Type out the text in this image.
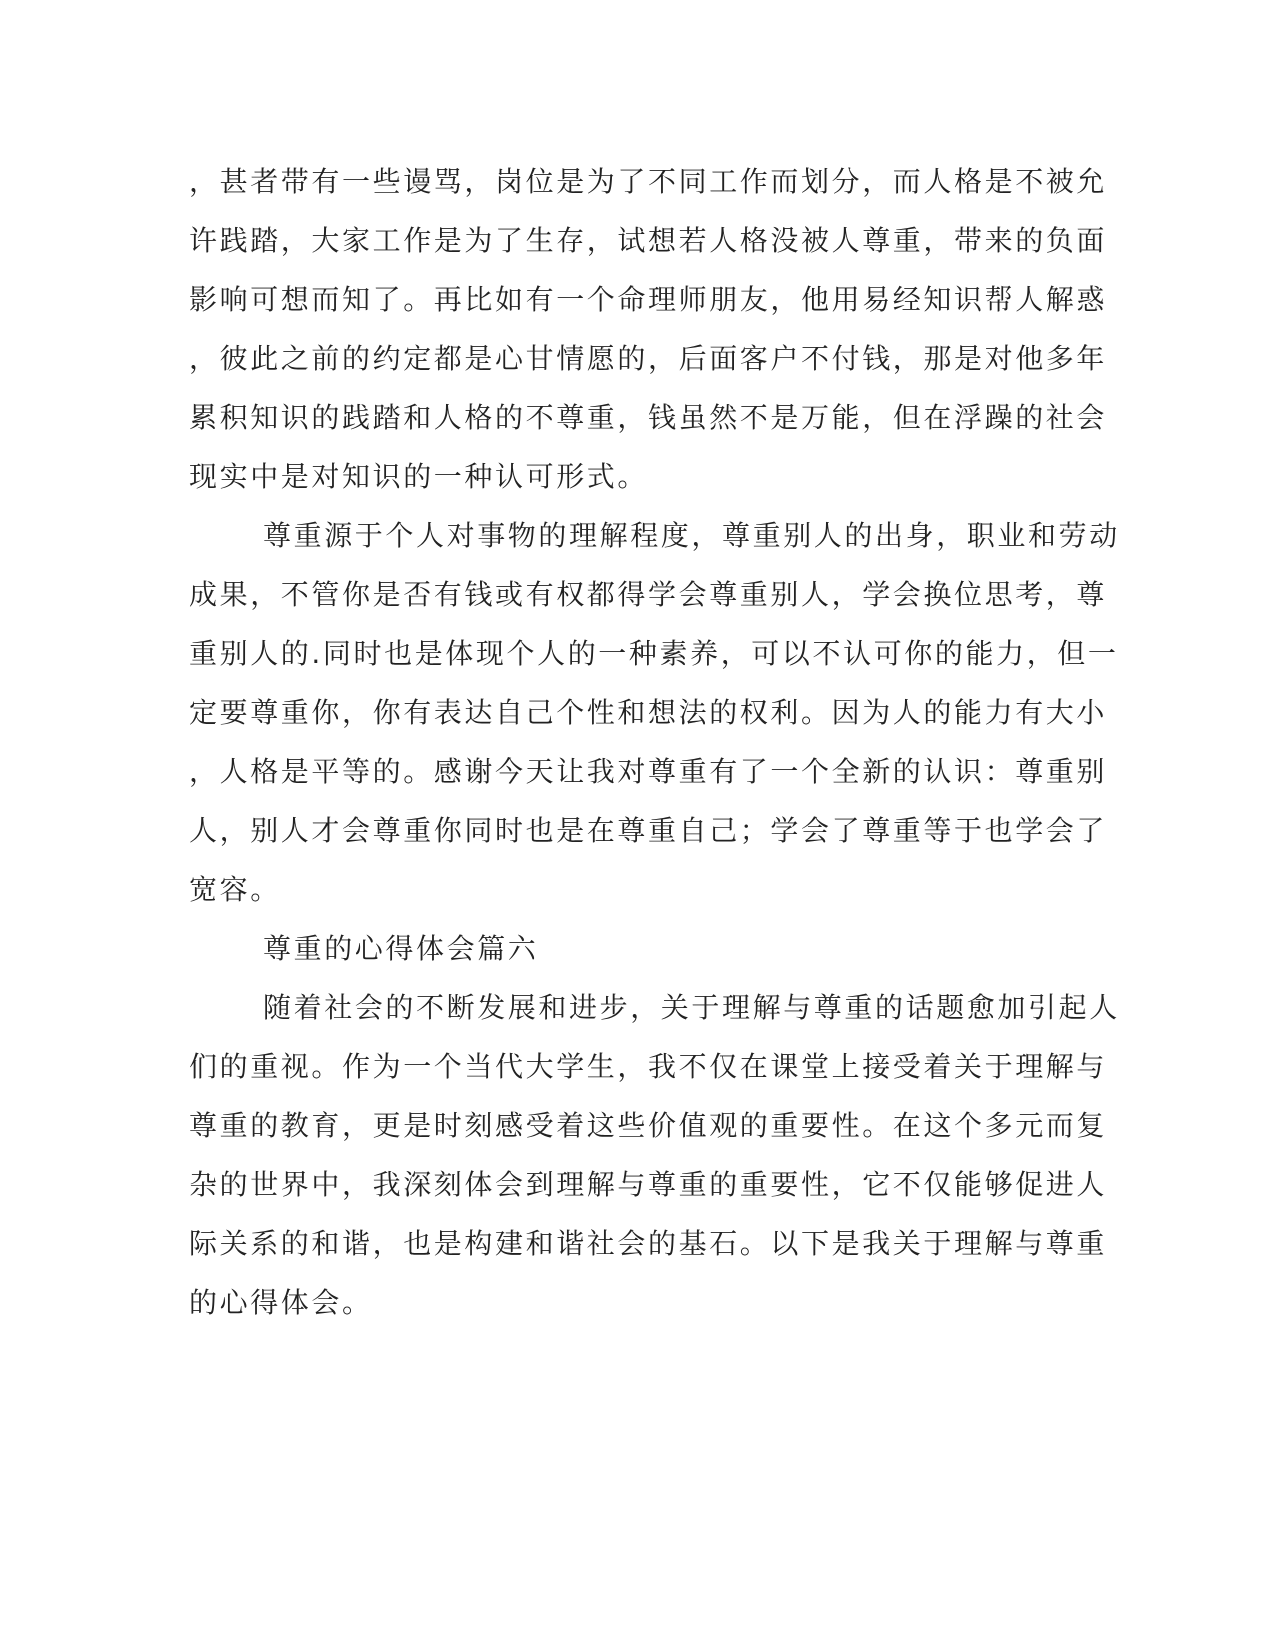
，甚者带有一些谩骂，岗位是为了不同工作而划分，而人格是不被允

许践踏，大家工作是为了生存，试想若人格没被人尊重，带来的负面

影响可想而知了。再比如有一个命理师朋友，他用易经知识帮人解惑

，彼此之前的约定都是心甘情愿的，后面客户不付钱，那是对他多年

累积知识的践踏和人格的不尊重，钱虽然不是万能，但在浮躁的社会

现实中是对知识的一种认可形式。

尊重源于个人对事物的理解程度，尊重别人的出身，职业和劳动

成果，不管你是否有钱或有权都得学会尊重别人，学会换位思考，尊

重别人的.同时也是体现个人的一种素养，可以不认可你的能力，但一

定要尊重你，你有表达自己个性和想法的权利。因为人的能力有大小

，人格是平等的。感谢今天让我对尊重有了一个全新的认识：尊重别

人，别人才会尊重你同时也是在尊重自己；学会了尊重等于也学会了

宽容。

尊重的心得体会篇六

随着社会的不断发展和进步，关于理解与尊重的话题愈加引起人

们的重视。作为一个当代大学生，我不仅在课堂上接受着关于理解与

尊重的教育，更是时刻感受着这些价值观的重要性。在这个多元而复

杂的世界中，我深刻体会到理解与尊重的重要性，它不仅能够促进人

际关系的和谐，也是构建和谐社会的基石。以下是我关于理解与尊重

的心得体会。
